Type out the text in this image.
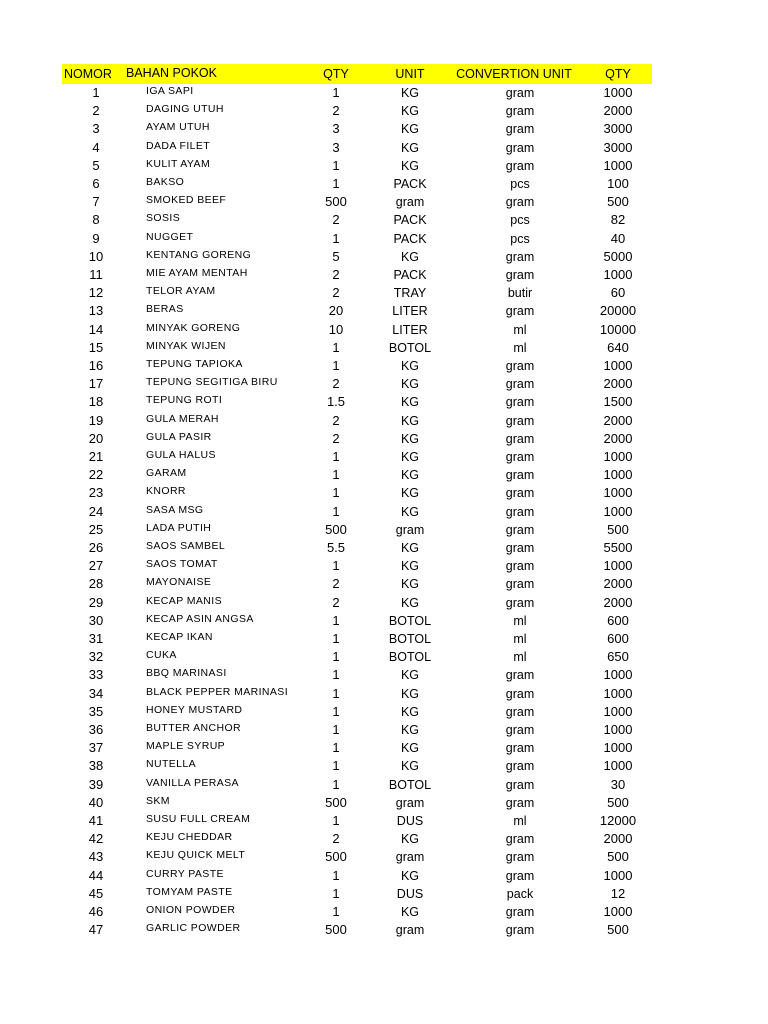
NOMOR	BAHAN POKOK	QTY	UNIT	CONVERTION UNIT	QTY
1	IGA SAPI	1	KG	gram	1000
2	DAGING UTUH	2	KG	gram	2000
3	AYAM UTUH	3	KG	gram	3000
4	DADA FILET	3	KG	gram	3000
5	KULIT AYAM	1	KG	gram	1000
6	BAKSO	1	PACK	pcs	100
7	SMOKED BEEF	500	gram	gram	500
8	SOSIS	2	PACK	pcs	82
9	NUGGET	1	PACK	pcs	40
10	KENTANG GORENG	5	KG	gram	5000
11	MIE AYAM MENTAH	2	PACK	gram	1000
12	TELOR AYAM	2	TRAY	butir	60
13	BERAS	20	LITER	gram	20000
14	MINYAK GORENG	10	LITER	ml	10000
15	MINYAK WIJEN	1	BOTOL	ml	640
16	TEPUNG TAPIOKA	1	KG	gram	1000
17	TEPUNG SEGITIGA BIRU	2	KG	gram	2000
18	TEPUNG ROTI	1.5	KG	gram	1500
19	GULA MERAH	2	KG	gram	2000
20	GULA PASIR	2	KG	gram	2000
21	GULA HALUS	1	KG	gram	1000
22	GARAM	1	KG	gram	1000
23	KNORR	1	KG	gram	1000
24	SASA MSG	1	KG	gram	1000
25	LADA PUTIH	500	gram	gram	500
26	SAOS SAMBEL	5.5	KG	gram	5500
27	SAOS TOMAT	1	KG	gram	1000
28	MAYONAISE	2	KG	gram	2000
29	KECAP MANIS	2	KG	gram	2000
30	KECAP ASIN ANGSA	1	BOTOL	ml	600
31	KECAP IKAN	1	BOTOL	ml	600
32	CUKA	1	BOTOL	ml	650
33	BBQ MARINASI	1	KG	gram	1000
34	BLACK PEPPER MARINASI	1	KG	gram	1000
35	HONEY MUSTARD	1	KG	gram	1000
36	BUTTER ANCHOR	1	KG	gram	1000
37	MAPLE SYRUP	1	KG	gram	1000
38	NUTELLA	1	KG	gram	1000
39	VANILLA PERASA	1	BOTOL	gram	30
40	SKM	500	gram	gram	500
41	SUSU FULL CREAM	1	DUS	ml	12000
42	KEJU CHEDDAR	2	KG	gram	2000
43	KEJU QUICK MELT	500	gram	gram	500
44	CURRY PASTE	1	KG	gram	1000
45	TOMYAM PASTE	1	DUS	pack	12
46	ONION POWDER	1	KG	gram	1000
47	GARLIC POWDER	500	gram	gram	500
